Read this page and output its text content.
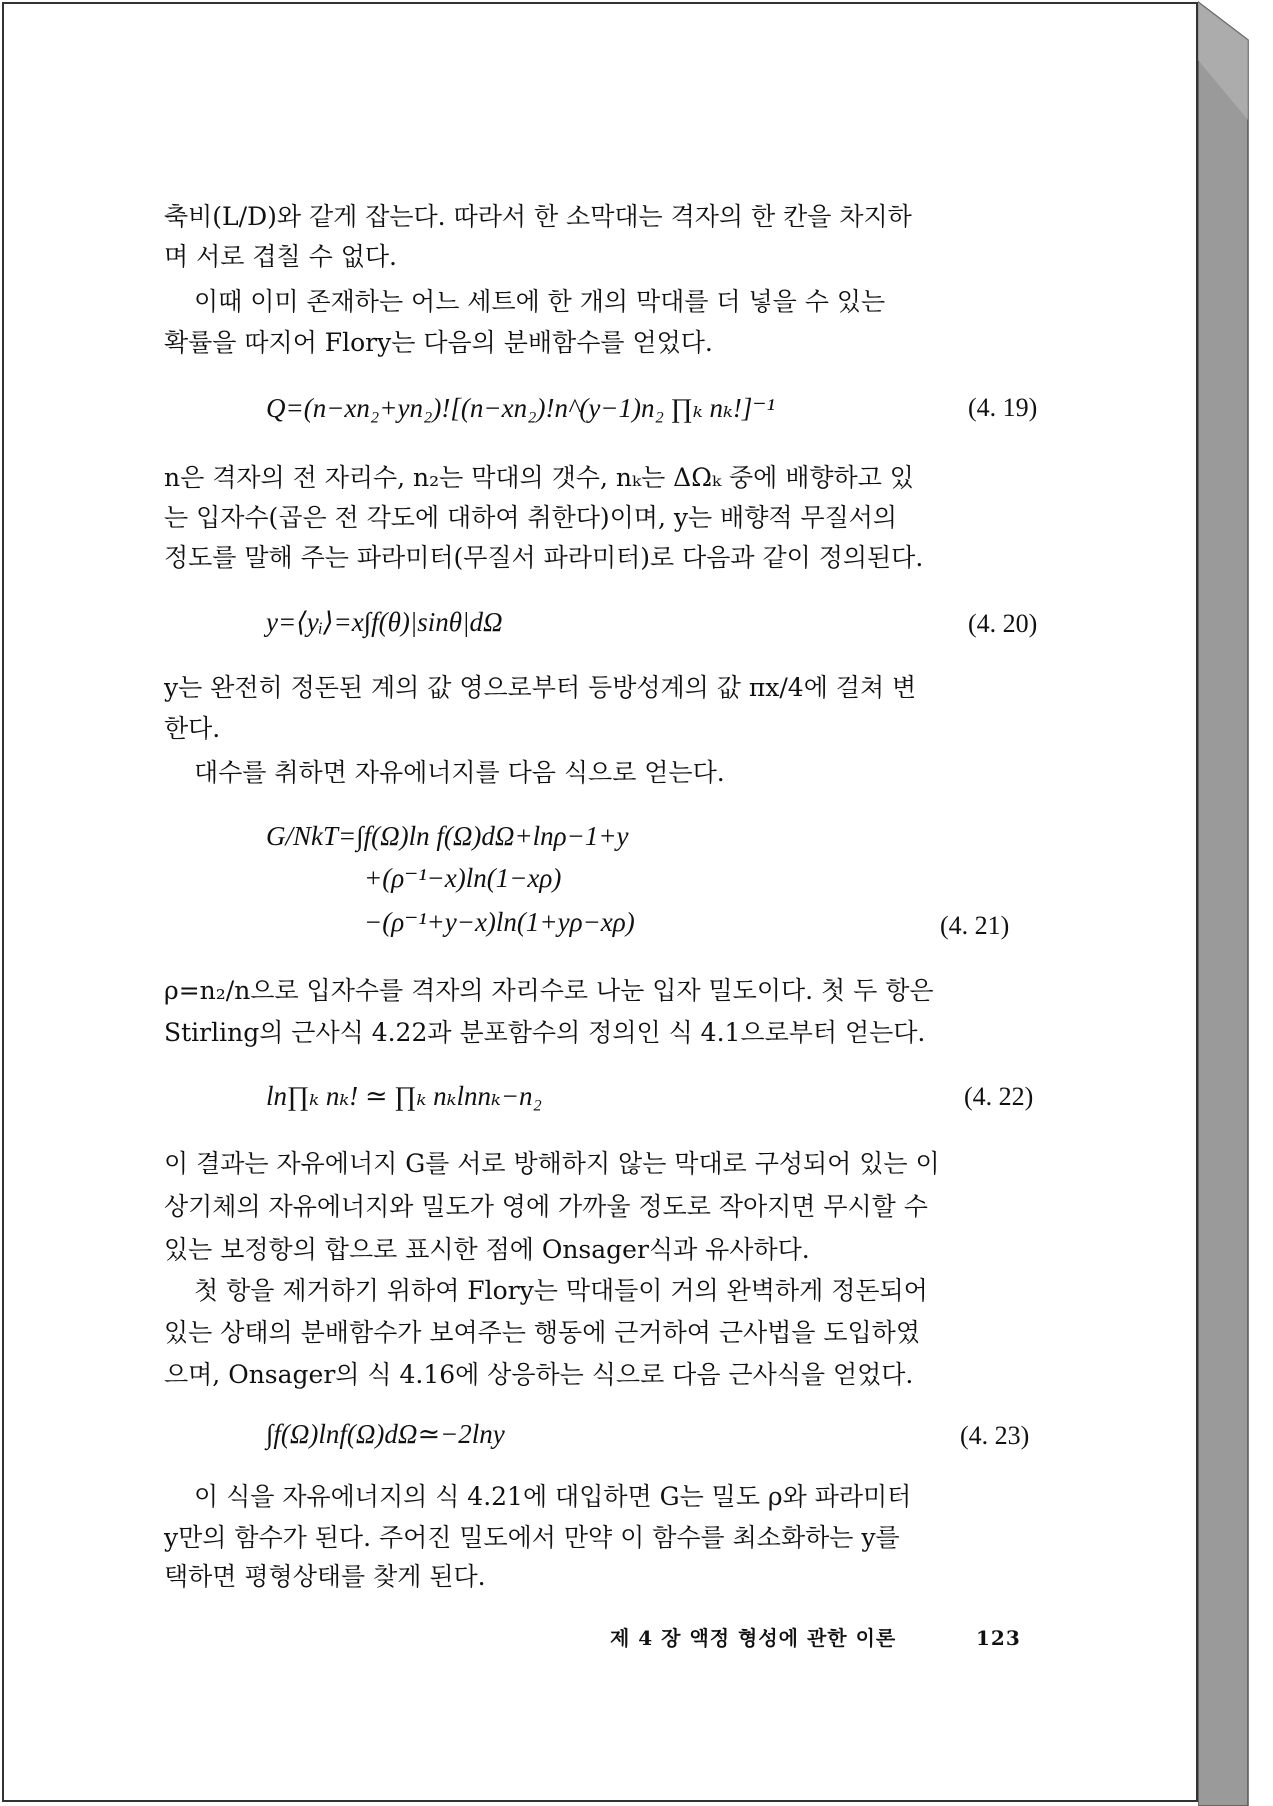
축비(L/D)와 같게 잡는다. 따라서 한 소막대는 격자의 한 칸을 차지하
며 서로 겹칠 수 없다.
이때 이미 존재하는 어느 세트에 한 개의 막대를 더 넣을 수 있는
확률을 따지어 Flory는 다음의 분배함수를 얻었다.
Q=(n−xn₂+yn₂)![(n−xn₂)!n^(y−1)n₂ ∏ₖ nₖ!]⁻¹	(4. 19)
n은 격자의 전 자리수, n₂는 막대의 갯수, nₖ는 ΔΩₖ 중에 배향하고 있
는 입자수(곱은 전 각도에 대하여 취한다)이며, y는 배향적 무질서의
정도를 말해 주는 파라미터(무질서 파라미터)로 다음과 같이 정의된다.
y=⟨yᵢ⟩=x∫f(θ)|sinθ|dΩ	(4. 20)
y는 완전히 정돈된 계의 값 영으로부터 등방성계의 값 πx/4에 걸쳐 변
한다.
대수를 취하면 자유에너지를 다음 식으로 얻는다.
G/NkT=∫f(Ω)ln f(Ω)dΩ+lnρ−1+y
+(ρ⁻¹−x)ln(1−xρ)
−(ρ⁻¹+y−x)ln(1+yρ−xρ)	(4. 21)
ρ=n₂/n으로 입자수를 격자의 자리수로 나눈 입자 밀도이다. 첫 두 항은
Stirling의 근사식 4.22과 분포함수의 정의인 식 4.1으로부터 얻는다.
ln∏ₖ nₖ! ≃ ∏ₖ nₖlnnₖ−n₂	(4. 22)
이 결과는 자유에너지 G를 서로 방해하지 않는 막대로 구성되어 있는 이
상기체의 자유에너지와 밀도가 영에 가까울 정도로 작아지면 무시할 수
있는 보정항의 합으로 표시한 점에 Onsager식과 유사하다.
첫 항을 제거하기 위하여 Flory는 막대들이 거의 완벽하게 정돈되어
있는 상태의 분배함수가 보여주는 행동에 근거하여 근사법을 도입하였
으며, Onsager의 식 4.16에 상응하는 식으로 다음 근사식을 얻었다.
∫f(Ω)lnf(Ω)dΩ≃−2lny	(4. 23)
이 식을 자유에너지의 식 4.21에 대입하면 G는 밀도 ρ와 파라미터
y만의 함수가 된다. 주어진 밀도에서 만약 이 함수를 최소화하는 y를
택하면 평형상태를 찾게 된다.
제 4 장 액정 형성에 관한 이론	123
